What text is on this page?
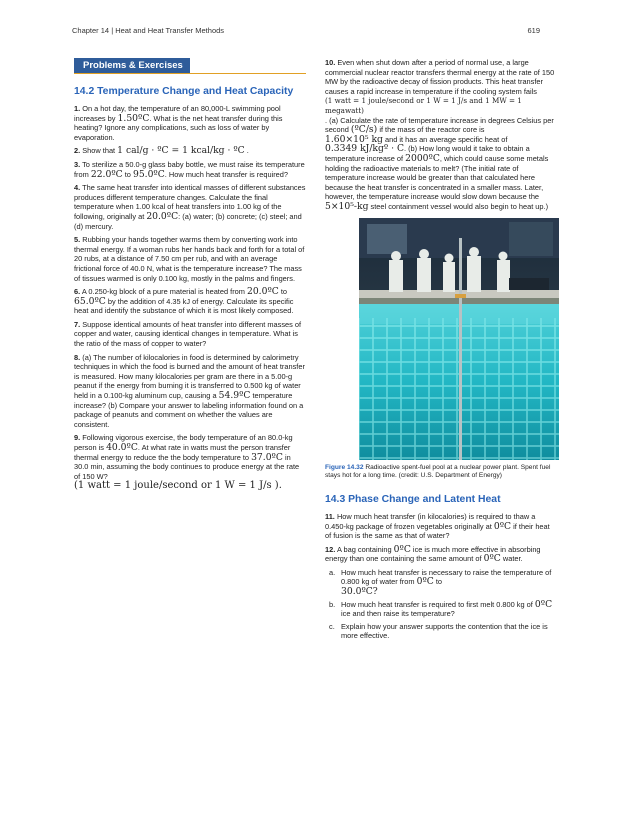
Chapter 14 | Heat and Heat Transfer Methods	619
Problems & Exercises
14.2 Temperature Change and Heat Capacity

1. On a hot day, the temperature of an 80,000-L swimming pool increases by 1.50ºC. What is the net heat transfer during this heating? Ignore any complications, such as loss of water by evaporation.

2. Show that 1 cal/g · ºC = 1 kcal/kg · ºC .

3. To sterilize a 50.0-g glass baby bottle, we must raise its temperature from 22.0ºC to 95.0ºC. How much heat transfer is required?

4. The same heat transfer into identical masses of different substances produces different temperature changes. Calculate the final temperature when 1.00 kcal of heat transfers into 1.00 kg of the following, originally at 20.0ºC: (a) water; (b) concrete; (c) steel; and (d) mercury.

5. Rubbing your hands together warms them by converting work into thermal energy. If a woman rubs her hands back and forth for a total of 20 rubs, at a distance of 7.50 cm per rub, and with an average frictional force of 40.0 N, what is the temperature increase? The mass of tissues warmed is only 0.100 kg, mostly in the palms and fingers.

6. A 0.250-kg block of a pure material is heated from 20.0ºC to 65.0ºC by the addition of 4.35 kJ of energy. Calculate its specific heat and identify the substance of which it is most likely composed.

7. Suppose identical amounts of heat transfer into different masses of copper and water, causing identical changes in temperature. What is the ratio of the mass of copper to water?

8. (a) The number of kilocalories in food is determined by calorimetry techniques in which the food is burned and the amount of heat transfer is measured. How many kilocalories per gram are there in a 5.00-g peanut if the energy from burning it is transferred to 0.500 kg of water held in a 0.100-kg aluminum cup, causing a 54.9ºC temperature increase? (b) Compare your answer to labeling information found on a package of peanuts and comment on whether the values are consistent.

9. Following vigorous exercise, the body temperature of an 80.0-kg person is 40.0ºC. At what rate in watts must the person transfer thermal energy to reduce the the body temperature to 37.0ºC in 30.0 min, assuming the body continues to produce energy at the rate of 150 W?
(1 watt = 1 joule/second or 1 W = 1 J/s ).

10. Even when shut down after a period of normal use, a large commercial nuclear reactor transfers thermal energy at the rate of 150 MW by the radioactive decay of fission products. This heat transfer causes a rapid increase in temperature if the cooling system fails
(1 watt = 1 joule/second or 1 W = 1 J/s and 1 MW = 1 megawatt)
. (a) Calculate the rate of temperature increase in degrees Celsius per second (ºC/s) if the mass of the reactor core is
1.60×10⁵ kg and it has an average specific heat of
0.3349 kJ/kgº · C. (b) How long would it take to obtain a temperature increase of 2000ºC, which could cause some metals holding the radioactive materials to melt? (The initial rate of temperature increase would be greater than that calculated here because the heat transfer is concentrated in a smaller mass. Later, however, the temperature increase would slow down because the 5×10⁵-kg steel containment vessel would also begin to heat up.)

Figure 14.32 Radioactive spent-fuel pool at a nuclear power plant. Spent fuel stays hot for a long time. (credit: U.S. Department of Energy)
14.3 Phase Change and Latent Heat

11. How much heat transfer (in kilocalories) is required to thaw a 0.450-kg package of frozen vegetables originally at 0ºC if their heat of fusion is the same as that of water?

12. A bag containing 0ºC ice is much more effective in absorbing energy than one containing the same amount of 0ºC water.

a. How much heat transfer is necessary to raise the temperature of 0.800 kg of water from 0ºC to
30.0ºC?
b. How much heat transfer is required to first melt 0.800 kg of 0ºC ice and then raise its temperature?
c. Explain how your answer supports the contention that the ice is more effective.
